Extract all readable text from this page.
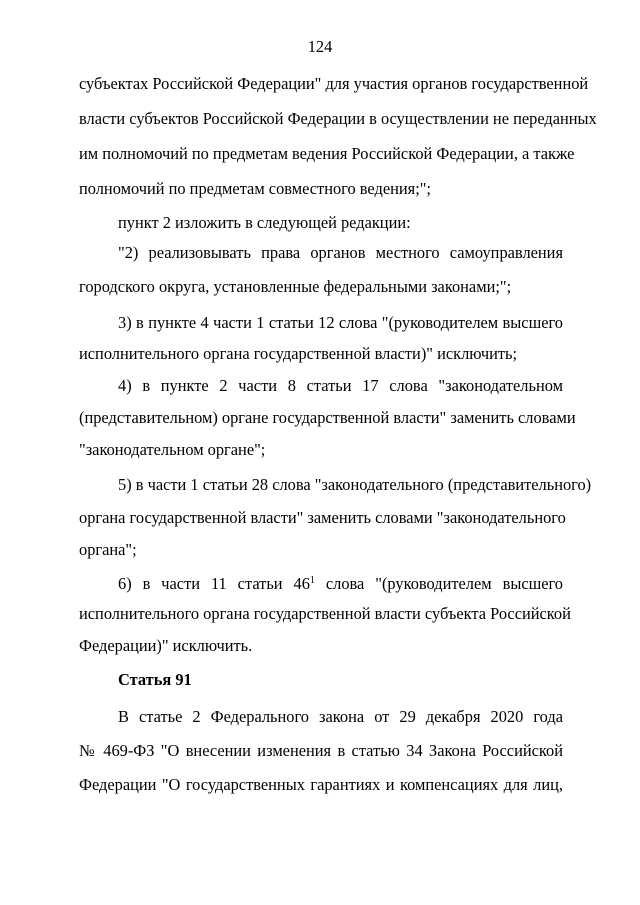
124
субъектах Российской Федерации" для участия органов государственной
власти субъектов Российской Федерации в осуществлении не переданных
им полномочий по предметам ведения Российской Федерации, а также
полномочий по предметам совместного ведения;";
пункт 2 изложить в следующей редакции:
"2) реализовывать права органов местного самоуправления
городского округа, установленные федеральными законами;";
3) в пункте 4 части 1 статьи 12 слова "(руководителем высшего
исполнительного органа государственной власти)" исключить;
4) в пункте 2 части 8 статьи 17 слова "законодательном
(представительном) органе государственной власти" заменить словами
"законодательном органе";
5) в части 1 статьи 28 слова "законодательного (представительного)
органа государственной власти" заменить словами "законодательного
органа";
6) в части 11 статьи $46^1$ слова "(руководителем высшего
исполнительного органа государственной власти субъекта Российской
Федерации)" исключить.
Статья 91
В статье 2 Федерального закона от 29 декабря 2020 года
№ 469-ФЗ "О внесении изменения в статью 34 Закона Российской
Федерации "О государственных гарантиях и компенсациях для лиц,
